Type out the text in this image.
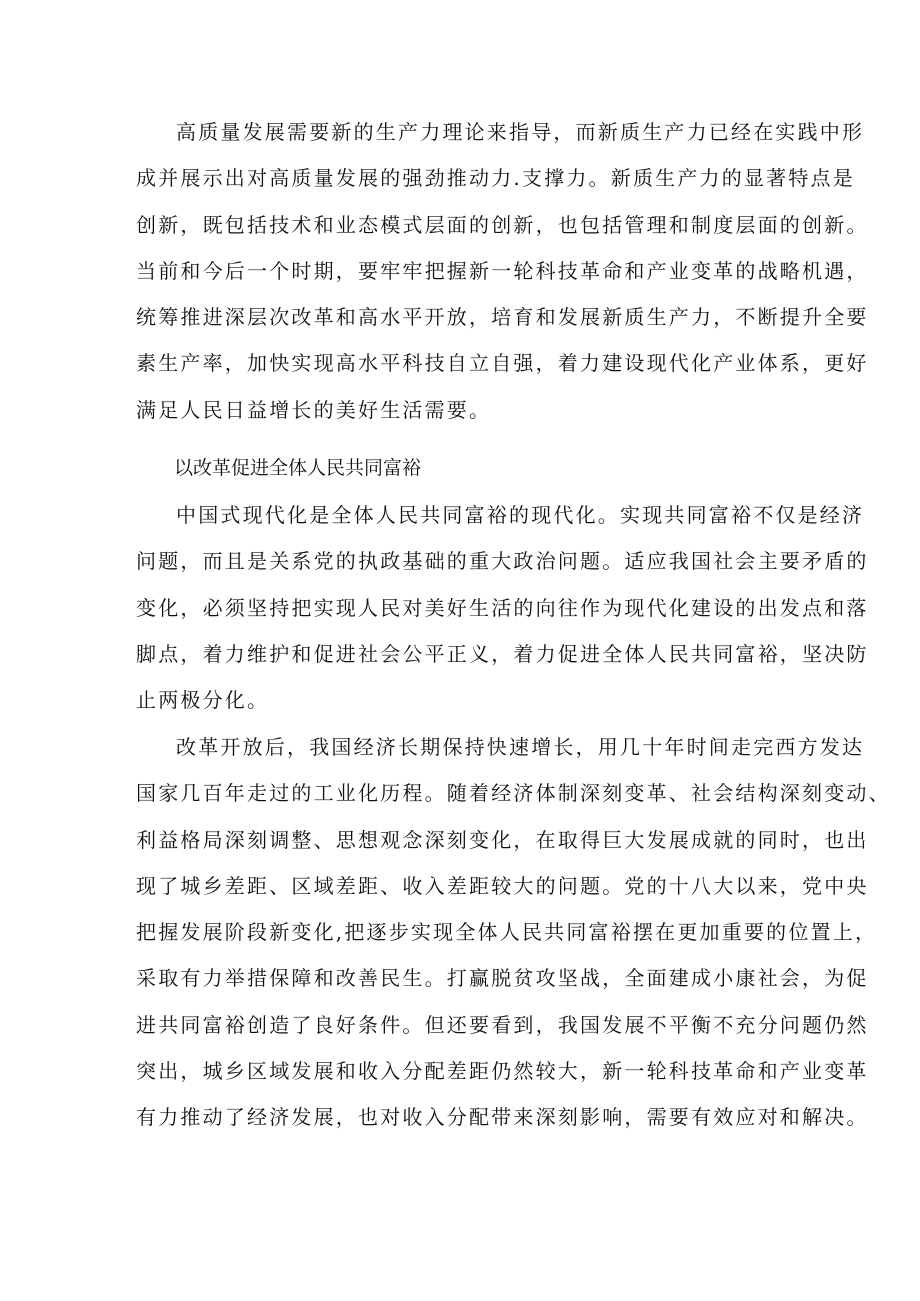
高质量发展需要新的生产力理论来指导，而新质生产力已经在实践中形
成并展示出对高质量发展的强劲推动力.支撑力。新质生产力的显著特点是
创新，既包括技术和业态模式层面的创新，也包括管理和制度层面的创新。
当前和今后一个时期，要牢牢把握新一轮科技革命和产业变革的战略机遇，
统筹推进深层次改革和高水平开放，培育和发展新质生产力，不断提升全要
素生产率，加快实现高水平科技自立自强，着力建设现代化产业体系，更好
满足人民日益增长的美好生活需要。
以改革促进全体人民共同富裕
中国式现代化是全体人民共同富裕的现代化。实现共同富裕不仅是经济
问题，而且是关系党的执政基础的重大政治问题。适应我国社会主要矛盾的
变化，必须坚持把实现人民对美好生活的向往作为现代化建设的出发点和落
脚点，着力维护和促进社会公平正义，着力促进全体人民共同富裕，坚决防
止两极分化。
改革开放后，我国经济长期保持快速增长，用几十年时间走完西方发达
国家几百年走过的工业化历程。随着经济体制深刻变革、社会结构深刻变动、
利益格局深刻调整、思想观念深刻变化，在取得巨大发展成就的同时，也出
现了城乡差距、区域差距、收入差距较大的问题。党的十八大以来，党中央
把握发展阶段新变化,把逐步实现全体人民共同富裕摆在更加重要的位置上，
采取有力举措保障和改善民生。打赢脱贫攻坚战，全面建成小康社会，为促
进共同富裕创造了良好条件。但还要看到，我国发展不平衡不充分问题仍然
突出，城乡区域发展和收入分配差距仍然较大，新一轮科技革命和产业变革
有力推动了经济发展，也对收入分配带来深刻影响，需要有效应对和解决。
